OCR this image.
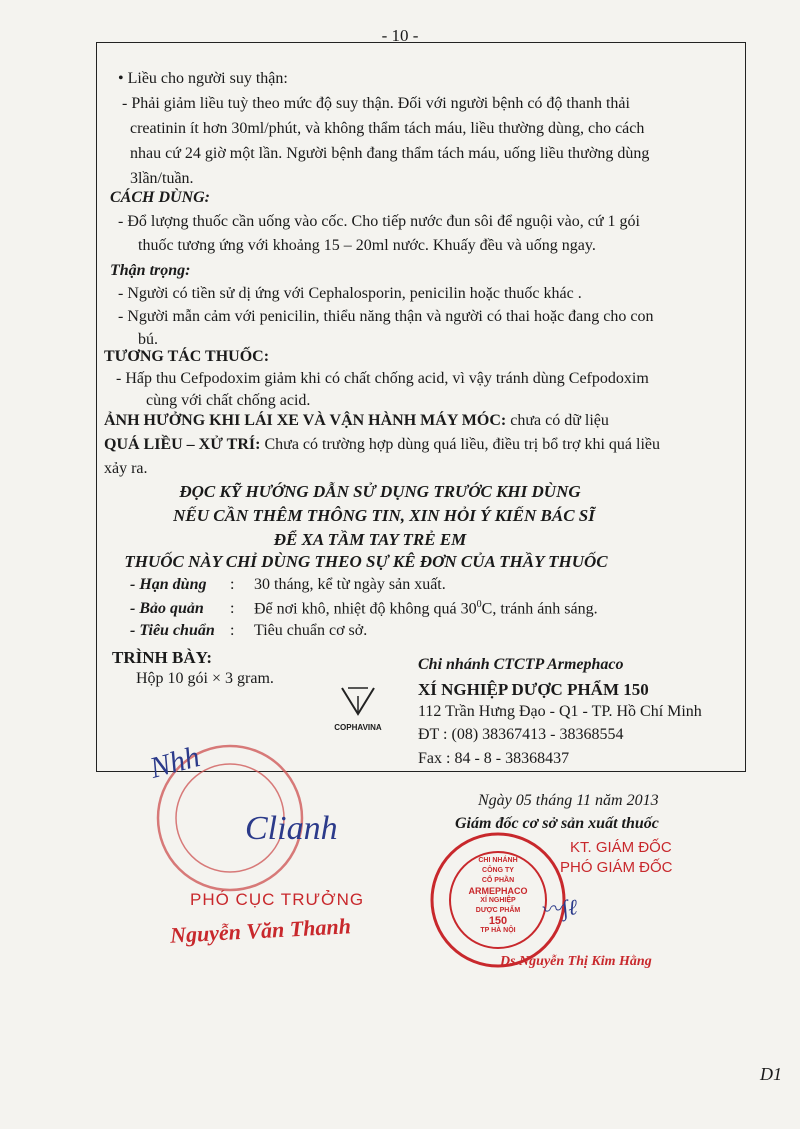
- 10 -
• Liều cho người suy thận:
- Phải giảm liều tuỳ theo mức độ suy thận. Đối với người bệnh có độ thanh thải
creatinin ít hơn 30ml/phút, và không thẩm tách máu, liều thường dùng, cho cách
nhau cứ 24 giờ một lần. Người bệnh đang thẩm tách máu, uống liều thường dùng
3lần/tuần.
CÁCH DÙNG:
- Đổ lượng thuốc cần uống vào cốc. Cho tiếp nước đun sôi để nguội vào, cứ 1 gói
thuốc tương ứng với khoảng 15 – 20ml nước. Khuấy đều và uống ngay.
Thận trọng:
- Người có tiền sử dị ứng với Cephalosporin, penicilin hoặc thuốc khác .
- Người mẫn cảm với penicilin, thiểu năng thận và người có thai hoặc đang cho con
bú.
TƯƠNG TÁC THUỐC:
- Hấp thu Cefpodoxim giảm khi có chất chống acid, vì vậy tránh dùng Cefpodoxim
cùng với chất chống acid.
ẢNH HƯỞNG KHI LÁI XE VÀ VẬN HÀNH MÁY MÓC: chưa có dữ liệu
QUÁ LIỀU – XỬ TRÍ: Chưa có trường hợp dùng quá liều, điều trị bổ trợ khi quá liều
xảy ra.
ĐỌC KỸ HƯỚNG DẪN SỬ DỤNG TRƯỚC KHI DÙNG
NẾU CẦN THÊM THÔNG TIN, XIN HỎI Ý KIẾN BÁC SĨ
ĐỂ XA TẦM TAY TRẺ EM
THUỐC NÀY CHỈ DÙNG THEO SỰ KÊ ĐƠN CỦA THẦY THUỐC
- Hạn dùng : 30 tháng, kể từ ngày sản xuất.
- Bảo quản : Để nơi khô, nhiệt độ không quá $30^0C$, tránh ánh sáng.
- Tiêu chuẩn : Tiêu chuẩn cơ sở.
TRÌNH BÀY:
Hộp 10 gói × 3 gram.
COPHAVINA
Chi nhánh CTCTP Armephaco
XÍ NGHIỆP DƯỢC PHẨM 150
112 Trần Hưng Đạo - Q1 - TP. Hồ Chí Minh
ĐT : (08) 38367413 - 38368554
Fax : 84 - 8 - 38368437
Ngày 05 tháng 11 năm 2013
Giám đốc cơ sở sản xuất thuốc
KT. GIÁM ĐỐC
PHÓ GIÁM ĐỐC
CHI NHÁNH
CÔNG TY
CỔ PHẦN
ARMEPHACO
XÍ NGHIỆP
DƯỢC PHẨM
150
TP HÀ NỘI
〰∫ℓ
Ds.Nguyễn Thị Kim Hằng
Nhh
Clianh
PHÓ CỤC TRƯỞNG
Nguyễn Văn Thanh
D1
